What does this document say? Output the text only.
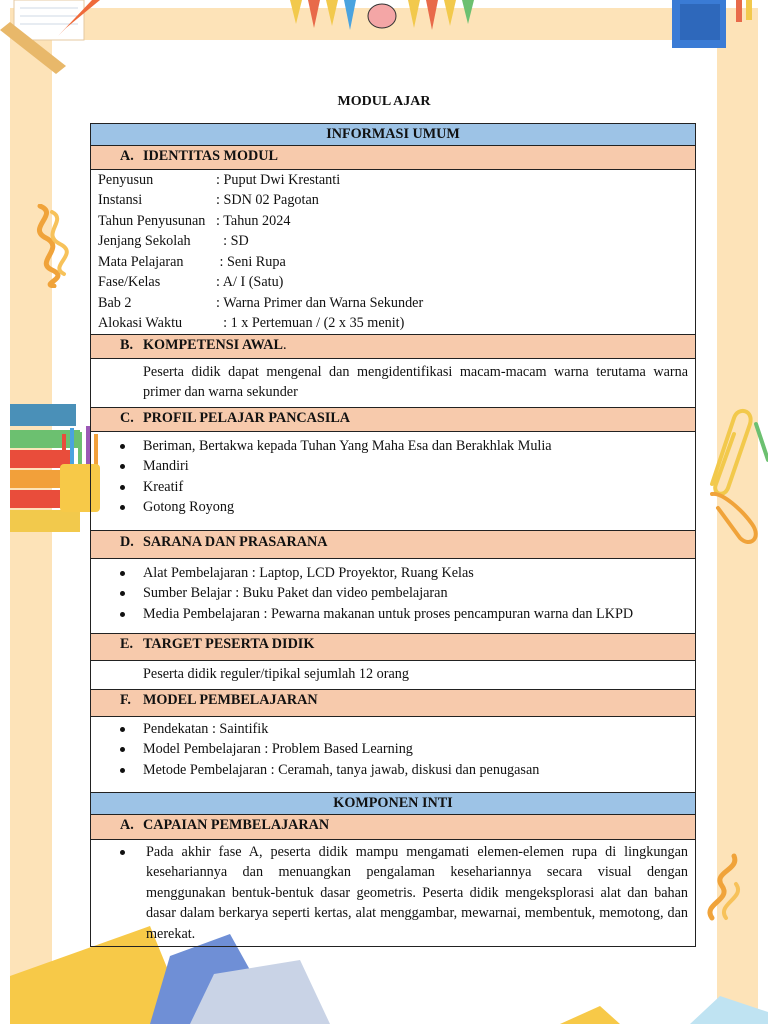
MODUL AJAR
INFORMASI UMUM
A. IDENTITAS MODUL

Penyusun	: Puput Dwi Krestanti
Instansi	: SDN 02 Pagotan
Tahun Penyusunan : Tahun 2024
Jenjang Sekolah	: SD
Mata Pelajaran	: Seni Rupa
Fase/Kelas	: A/ I (Satu)
Bab 2	: Warna Primer dan Warna Sekunder
Alokasi Waktu	: 1 x Pertemuan / (2 x 35 menit)

B. KOMPETENSI AWAL.
Peserta didik dapat mengenal dan mengidentifikasi macam-macam warna terutama warna primer dan warna sekunder
C. PROFIL PELAJAR PANCASILA

Beriman, Bertakwa kepada Tuhan Yang Maha Esa dan Berakhlak Mulia
Mandiri
Kreatif
Gotong Royong

D. SARANA DAN PRASARANA

Alat Pembelajaran : Laptop, LCD Proyektor, Ruang Kelas
Sumber Belajar : Buku Paket dan video pembelajaran
Media Pembelajaran : Pewarna makanan untuk proses pencampuran warna dan LKPD

E. TARGET PESERTA DIDIK
Peserta didik reguler/tipikal sejumlah 12 orang
F. MODEL PEMBELAJARAN

Pendekatan : Saintifik
Model Pembelajaran : Problem Based Learning
Metode Pembelajaran : Ceramah, tanya jawab, diskusi dan penugasan

KOMPONEN INTI
A. CAPAIAN PEMBELAJARAN

Pada akhir fase A, peserta didik mampu mengamati elemen-elemen rupa di lingkungan kesehariannya dan menuangkan pengalaman kesehariannya secara visual dengan menggunakan bentuk-bentuk dasar geometris. Peserta didik mengeksplorasi alat dan bahan dasar dalam berkarya seperti kertas, alat menggambar, mewarnai, membentuk, memotong, dan merekat.
